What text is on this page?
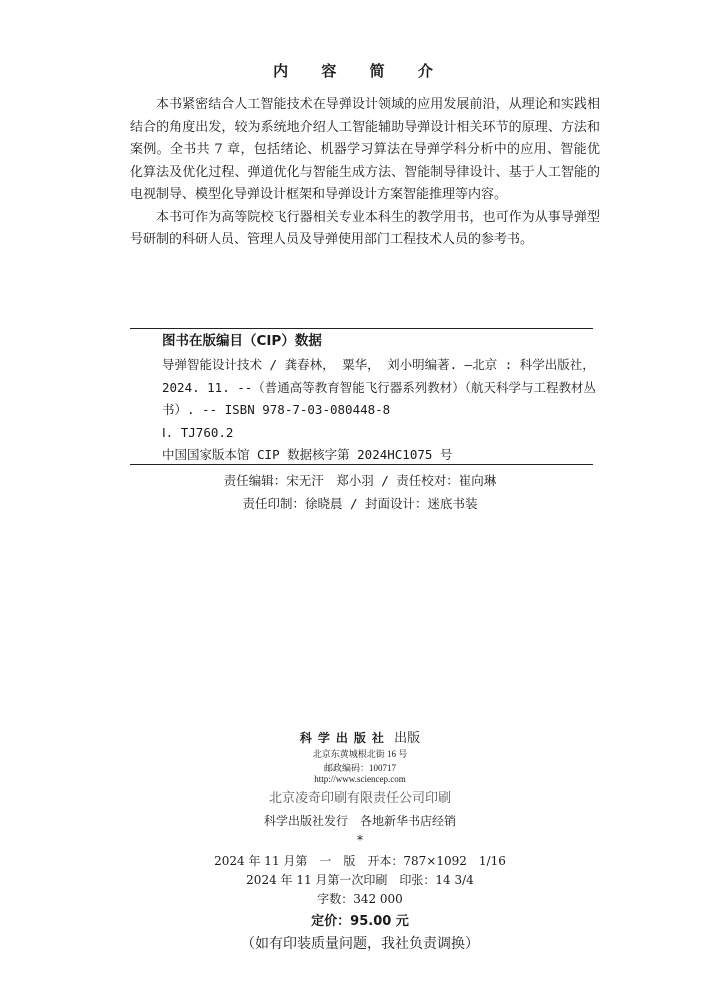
内 容 简 介

本书紧密结合人工智能技术在导弹设计领域的应用发展前沿，从理论和实践相结合的角度出发，较为系统地介绍人工智能辅助导弹设计相关环节的原理、方法和案例。全书共 7 章，包括绪论、机器学习算法在导弹学科分析中的应用、智能优化算法及优化过程、弹道优化与智能生成方法、智能制导律设计、基于人工智能的电视制导、模型化导弹设计框架和导弹设计方案智能推理等内容。

本书可作为高等院校飞行器相关专业本科生的教学用书，也可作为从事导弹型号研制的科研人员、管理人员及导弹使用部门工程技术人员的参考书。

图书在版编目（CIP）数据

导弹智能设计技术 / 龚春林， 粟华， 刘小明编著. —北京 : 科学出版社， 2024. 11. --（普通高等教育智能飞行器系列教材）（航天科学与工程教材丛书）. -- ISBN 978-7-03-080448-8

Ⅰ. TJ760.2

中国国家版本馆 CIP 数据核字第 2024HC1075 号

责任编辑：宋无汗　郑小羽 / 责任校对：崔向琳
责任印制：徐晓晨 / 封面设计：迷底书装
科学出版社 出版
北京东黄城根北街 16 号
邮政编码：100717
http://www.sciencep.com
北京凌奇印刷有限责任公司印刷
科学出版社发行　各地新华书店经销
*
2024 年 11 月第　一　版　开本：787×1092　1/16
2024 年 11 月第一次印刷　印张：14 3/4
字数：342 000
定价：95.00 元
（如有印装质量问题，我社负责调换）
